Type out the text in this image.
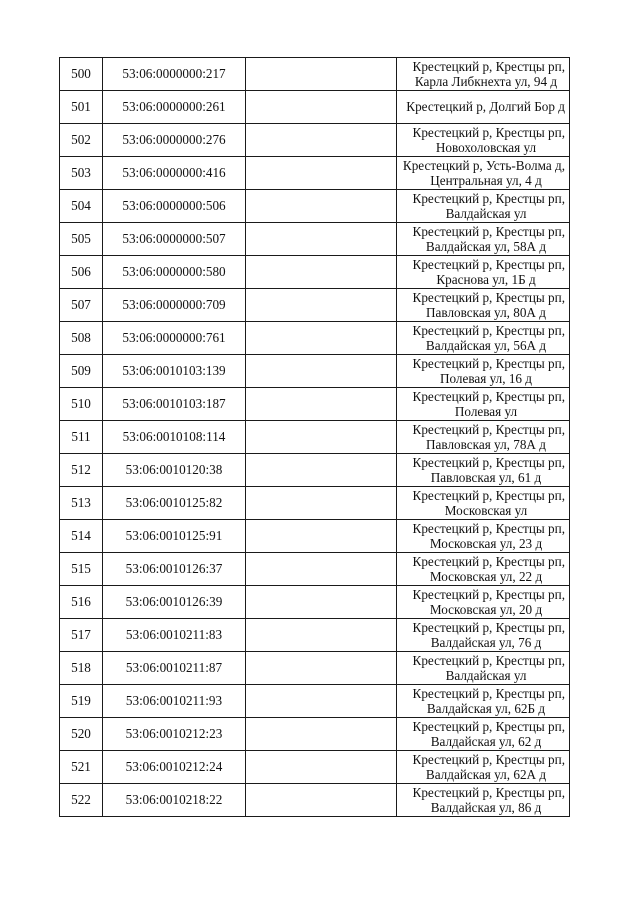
500	53:06:0000000:217		Крестецкий р, Крестцы рп,
Карла Либкнехта ул, 94 д

501	53:06:0000000:261		Крестецкий р, Долгий Бор д

502	53:06:0000000:276		Крестецкий р, Крестцы рп,
Новохоловская ул

503	53:06:0000000:416		Крестецкий р, Усть-Волма д,
Центральная ул, 4 д

504	53:06:0000000:506		Крестецкий р, Крестцы рп,
Валдайская ул

505	53:06:0000000:507		Крестецкий р, Крестцы рп,
Валдайская ул, 58А д

506	53:06:0000000:580		Крестецкий р, Крестцы рп,
Краснова ул, 1Б д

507	53:06:0000000:709		Крестецкий р, Крестцы рп,
Павловская ул, 80А д

508	53:06:0000000:761		Крестецкий р, Крестцы рп,
Валдайская ул, 56А д

509	53:06:0010103:139		Крестецкий р, Крестцы рп,
Полевая ул, 16 д

510	53:06:0010103:187		Крестецкий р, Крестцы рп,
Полевая ул

511	53:06:0010108:114		Крестецкий р, Крестцы рп,
Павловская ул, 78А д

512	53:06:0010120:38		Крестецкий р, Крестцы рп,
Павловская ул, 61 д

513	53:06:0010125:82		Крестецкий р, Крестцы рп,
Московская ул

514	53:06:0010125:91		Крестецкий р, Крестцы рп,
Московская ул, 23 д

515	53:06:0010126:37		Крестецкий р, Крестцы рп,
Московская ул, 22 д

516	53:06:0010126:39		Крестецкий р, Крестцы рп,
Московская ул, 20 д

517	53:06:0010211:83		Крестецкий р, Крестцы рп,
Валдайская ул, 76 д

518	53:06:0010211:87		Крестецкий р, Крестцы рп,
Валдайская ул

519	53:06:0010211:93		Крестецкий р, Крестцы рп,
Валдайская ул, 62Б д

520	53:06:0010212:23		Крестецкий р, Крестцы рп,
Валдайская ул, 62 д

521	53:06:0010212:24		Крестецкий р, Крестцы рп,
Валдайская ул, 62А д

522	53:06:0010218:22		Крестецкий р, Крестцы рп,
Валдайская ул, 86 д
